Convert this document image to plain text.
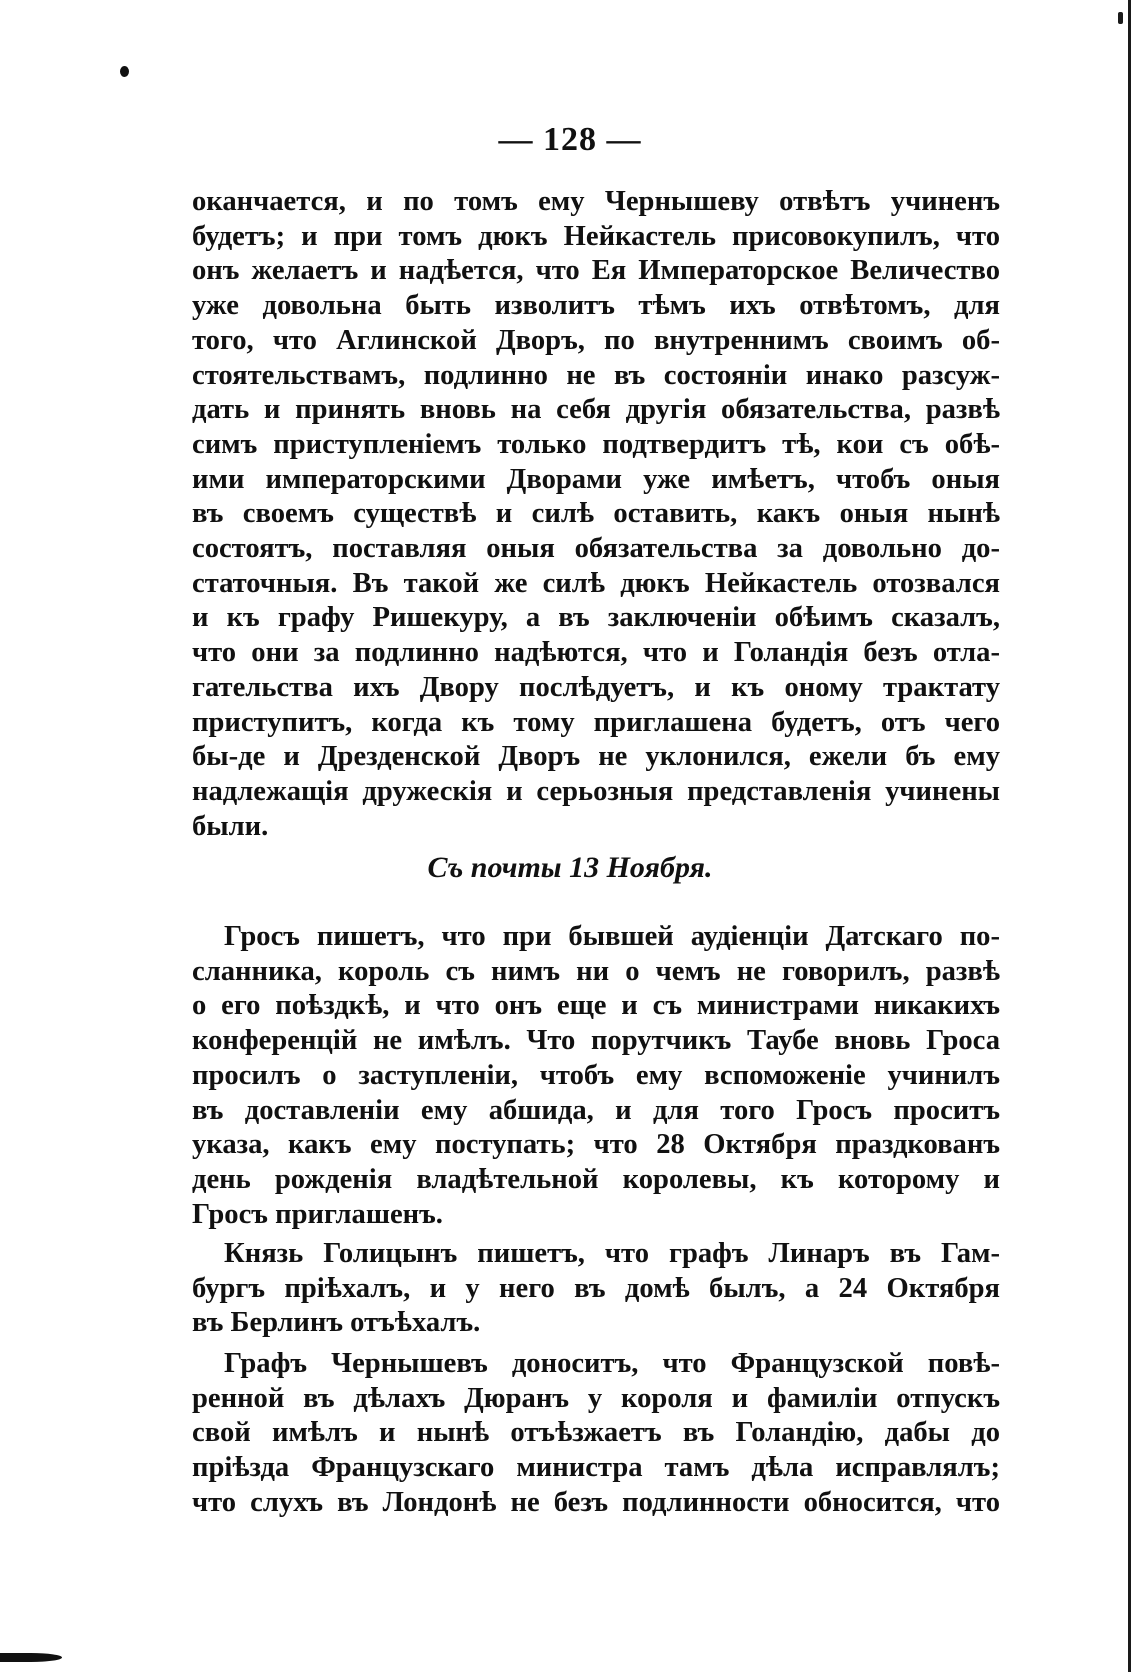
— 128 —
оканчается, и по томъ ему Чернышеву отвѣтъ учиненъ
будетъ; и при томъ дюкъ Нейкастель присовокупилъ, что
онъ желаетъ и надѣется, что Ея Императорское Величество
уже довольна быть изволитъ тѣмъ ихъ отвѣтомъ, для
того, что Аглинской Дворъ, по внутреннимъ своимъ об-
стоятельствамъ, подлинно не въ состояніи инако разсуж-
дать и принять вновь на себя другія обязательства, развѣ
симъ приступленіемъ только подтвердитъ тѣ, кои съ обѣ-
ими императорскими Дворами уже имѣетъ, чтобъ оныя
въ своемъ существѣ и силѣ оставить, какъ оныя нынѣ
состоятъ, поставляя оныя обязательства за довольно до-
статочныя. Въ такой же силѣ дюкъ Нейкастель отозвался
и къ графу Ришекуру, а въ заключеніи обѣимъ сказалъ,
что они за подлинно надѣются, что и Голандія безъ отла-
гательства ихъ Двору послѣдуетъ, и къ оному трактату
приступитъ, когда къ тому приглашена будетъ, отъ чего
бы-де и Дрезденской Дворъ не уклонился, ежели бъ ему
надлежащія дружескія и серьозныя представленія учинены
были.
Съ почты 13 Ноября.
Гросъ пишетъ, что при бывшей аудіенціи Датскаго по-
сланника, король съ нимъ ни о чемъ не говорилъ, развѣ
о его поѣздкѣ, и что онъ еще и съ министрами никакихъ
конференцій не имѣлъ. Что порутчикъ Таубе вновь Гроса
просилъ о заступленіи, чтобъ ему вспоможеніе учинилъ
въ доставленіи ему абшида, и для того Гросъ проситъ
указа, какъ ему поступать; что 28 Октября праздкованъ
день рожденія владѣтельной королевы, къ которому и
Гросъ приглашенъ.
Князь Голицынъ пишетъ, что графъ Линаръ въ Гам-
бургъ пріѣхалъ, и у него въ домѣ былъ, а 24 Октября
въ Берлинъ отъѣхалъ.
Графъ Чернышевъ доноситъ, что Французской повѣ-
ренной въ дѣлахъ Дюранъ у короля и фамиліи отпускъ
свой имѣлъ и нынѣ отъѣзжаетъ въ Голандію, дабы до
пріѣзда Французскаго министра тамъ дѣла исправлялъ;
что слухъ въ Лондонѣ не безъ подлинности обносится, что
